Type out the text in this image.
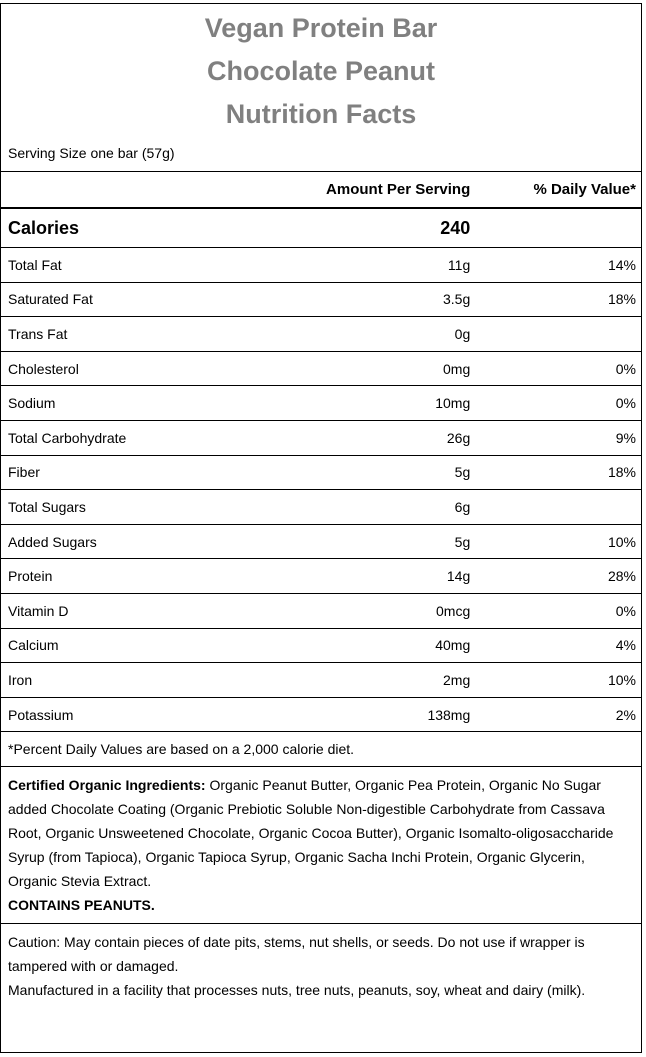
Vegan Protein Bar
Chocolate Peanut
Nutrition Facts
Serving Size one bar (57g)
	Amount Per Serving	% Daily Value*
Calories	240	
Total Fat	11g	14%
Saturated Fat	3.5g	18%
Trans Fat	0g	
Cholesterol	0mg	0%
Sodium	10mg	0%
Total Carbohydrate	26g	9%
Fiber	5g	18%
Total Sugars	6g	
Added Sugars	5g	10%
Protein	14g	28%
Vitamin D	0mcg	0%
Calcium	40mg	4%
Iron	2mg	10%
Potassium	138mg	2%
*Percent Daily Values are based on a 2,000 calorie diet.
Certified Organic Ingredients: Organic Peanut Butter, Organic Pea Protein, Organic No Sugar added Chocolate Coating (Organic Prebiotic Soluble Non-digestible Carbohydrate from Cassava Root, Organic Unsweetened Chocolate, Organic Cocoa Butter), Organic Isomalto-oligosaccharide Syrup (from Tapioca), Organic Tapioca Syrup, Organic Sacha Inchi Protein, Organic Glycerin, Organic Stevia Extract.
CONTAINS PEANUTS.
Caution: May contain pieces of date pits, stems, nut shells, or seeds. Do not use if wrapper is tampered with or damaged.
Manufactured in a facility that processes nuts, tree nuts, peanuts, soy, wheat and dairy (milk).
